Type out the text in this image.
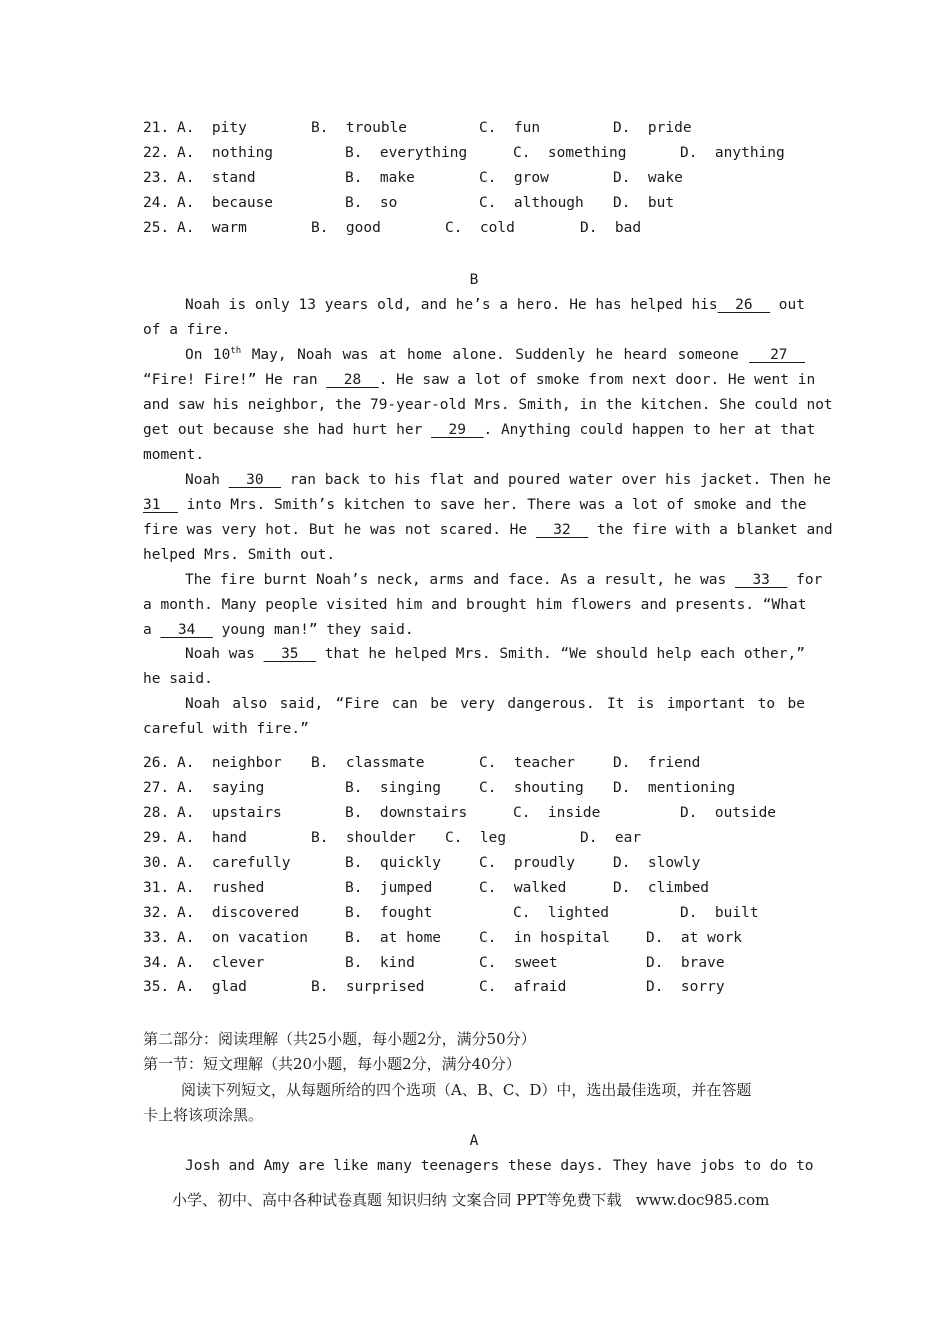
21. A.  pity	B.  trouble	C.  fun	D.  pride
22. A.  nothing	B.  everything	C.  something	D.  anything
23. A.  stand	B.  make	C.  grow	D.  wake
24. A.  because	B.  so	C.  although D.  but
25. A.  warm	B.  good	C.  cold	D.  bad
B
Noah is only 13 years old, and he’s a hero. He has helped his  26   out
of a fire.
On 10th May, Noah was at home alone. Suddenly he heard someone   27
“Fire! Fire!” He ran   28  . He saw a lot of smoke from next door. He went in
and saw his neighbor, the 79-year-old Mrs. Smith, in the kitchen. She could not
get out because she had hurt her   29  . Anything could happen to her at that
moment.
Noah   30   ran back to his flat and poured water over his jacket. Then he
31   into Mrs. Smith’s kitchen to save her. There was a lot of smoke and the
fire was very hot. But he was not scared. He   32   the fire with a blanket and
helped Mrs. Smith out.
The fire burnt Noah’s neck, arms and face. As a result, he was   33   for
a month. Many people visited him and brought him flowers and presents. “What
a   34   young man!” they said.
Noah was   35   that he helped Mrs. Smith. “We should help each other,”
he said.
Noah also said, “Fire can be very dangerous. It is important to be
careful with fire.”
26. A.  neighbor B.  classmate	C.  teacher	D.  friend
27. A.  saying	B.  singing	C.  shouting D.  mentioning
28. A.  upstairs	B.  downstairs	C.  inside	D.  outside
29. A.  hand	B.  shoulder C.  leg	D.  ear
30. A.  carefully	B.  quickly	C.  proudly	D.  slowly
31. A.  rushed	B.  jumped	C.  walked	D.  climbed
32. A.  discovered	B.  fought	C.  lighted	D.  built
33. A.  on vacation	B.  at home	C.  in hospital D.  at work
34. A.  clever	B.  kind	C.  sweet	D.  brave
35. A.  glad	B.  surprised	C.  afraid	D.  sorry
第二部分：阅读理解（共25小题，每小题2分，满分50分）
第一节：短文理解（共20小题，每小题2分，满分40分）
阅读下列短文，从每题所给的四个选项（A、B、C、D）中，选出最佳选项，并在答题
卡上将该项涂黑。
A
Josh and Amy are like many teenagers these days. They have jobs to do to
小学、初中、高中各种试卷真题 知识归纳 文案合同 PPT等免费下载   www.doc985.com
